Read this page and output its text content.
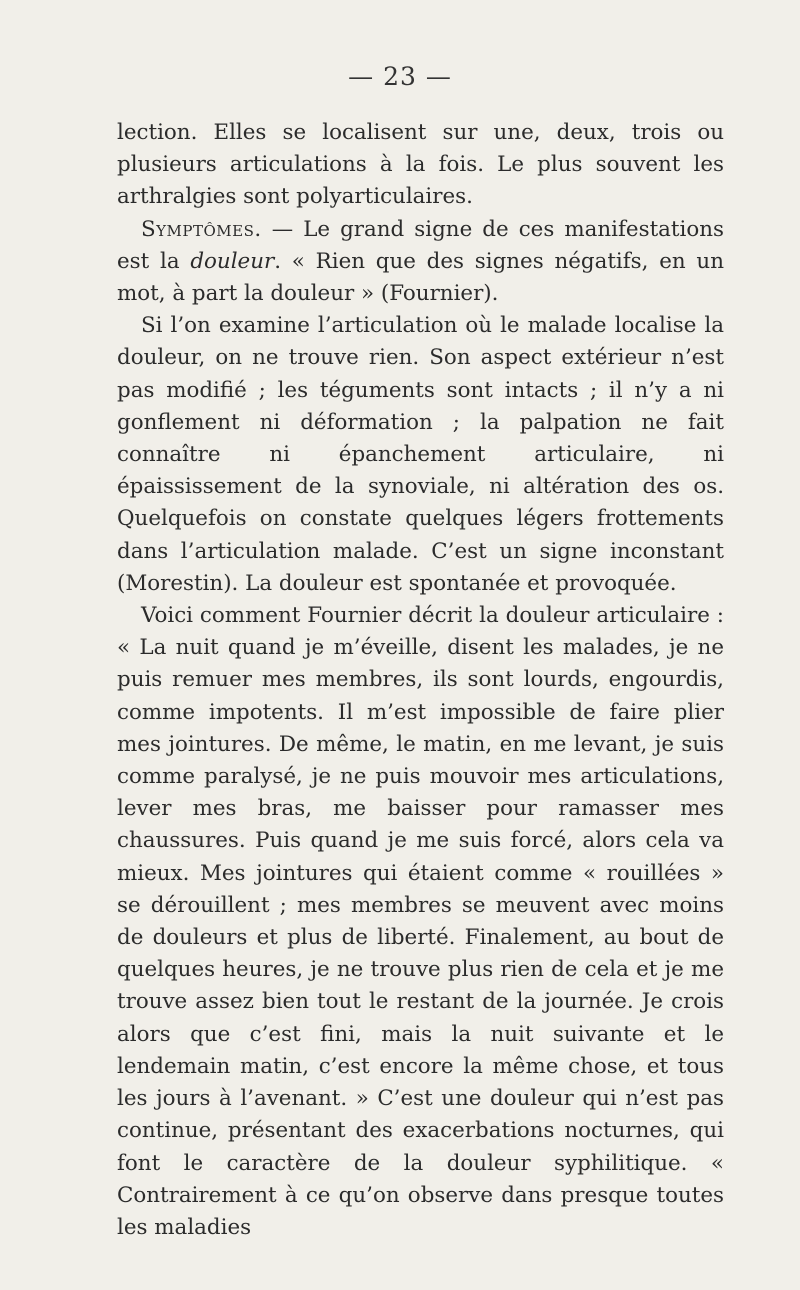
— 23 —

lection. Elles se localisent sur une, deux, trois ou plusieurs articulations à la fois. Le plus souvent les arthralgies sont polyarticulaires.

Symptômes. — Le grand signe de ces manifestations est la douleur. « Rien que des signes négatifs, en un mot, à part la douleur » (Fournier).

Si l’on examine l’articulation où le malade localise la douleur, on ne trouve rien. Son aspect extérieur n’est pas modifié ; les téguments sont intacts ; il n’y a ni gonflement ni déformation ; la palpation ne fait connaître ni épanchement articulaire, ni épaississement de la synoviale, ni altération des os. Quelquefois on constate quelques légers frottements dans l’articulation malade. C’est un signe inconstant (Morestin). La douleur est spontanée et provoquée.

Voici comment Fournier décrit la douleur articulaire : « La nuit quand je m’éveille, disent les malades, je ne puis remuer mes membres, ils sont lourds, engourdis, comme impotents. Il m’est impossible de faire plier mes jointures. De même, le matin, en me levant, je suis comme paralysé, je ne puis mouvoir mes articulations, lever mes bras, me baisser pour ramasser mes chaussures. Puis quand je me suis forcé, alors cela va mieux. Mes jointures qui étaient comme « rouillées » se dérouillent ; mes membres se meuvent avec moins de douleurs et plus de liberté. Finalement, au bout de quelques heures, je ne trouve plus rien de cela et je me trouve assez bien tout le restant de la journée. Je crois alors que c’est fini, mais la nuit suivante et le lendemain matin, c’est encore la même chose, et tous les jours à l’avenant. » C’est une douleur qui n’est pas continue, présentant des exacerbations nocturnes, qui font le caractère de la douleur syphilitique. « Contrairement à ce qu’on observe dans presque toutes les maladies
